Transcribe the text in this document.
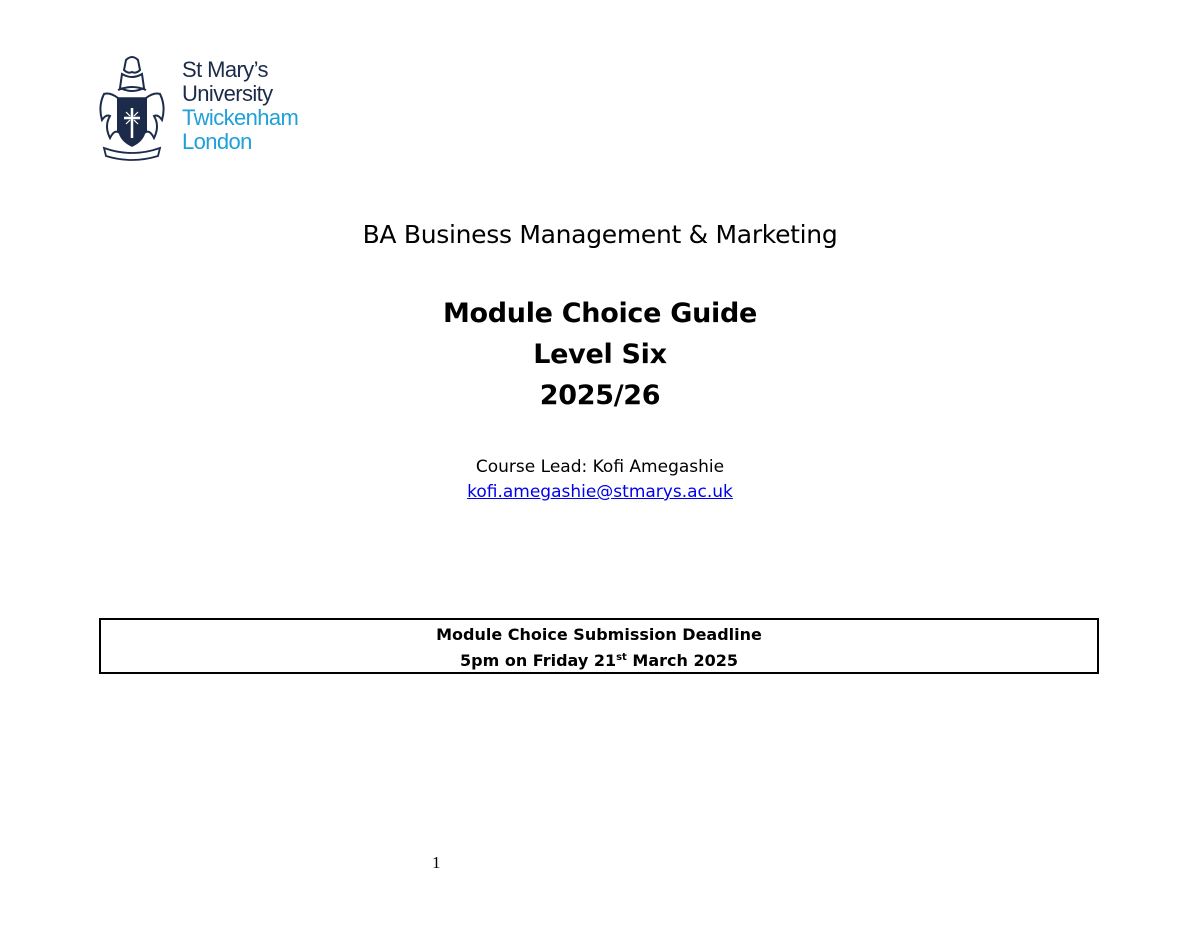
St Mary’s
University
Twickenham
London
BA Business Management & Marketing
Module Choice Guide
Level Six
2025/26
Course Lead: Kofi Amegashie
kofi.amegashie@stmarys.ac.uk
Module Choice Submission Deadline
5pm on Friday 21st March 2025
1
